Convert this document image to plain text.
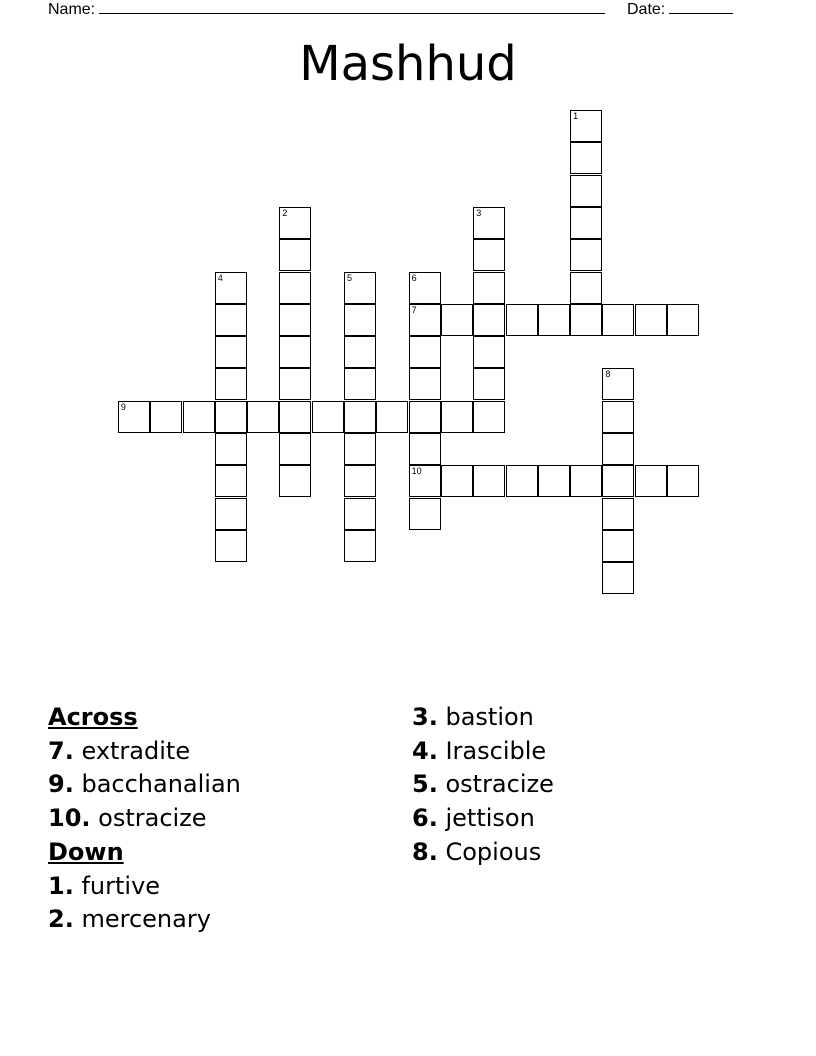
Name:	Date:
Mashhud
1
2	3
4	5	6
7
10
8
9
Across
7. extradite
9. bacchanalian
10. ostracize
Down
1. furtive
2. mercenary
3. bastion
4. Irascible
5. ostracize
6. jettison
8. Copious
